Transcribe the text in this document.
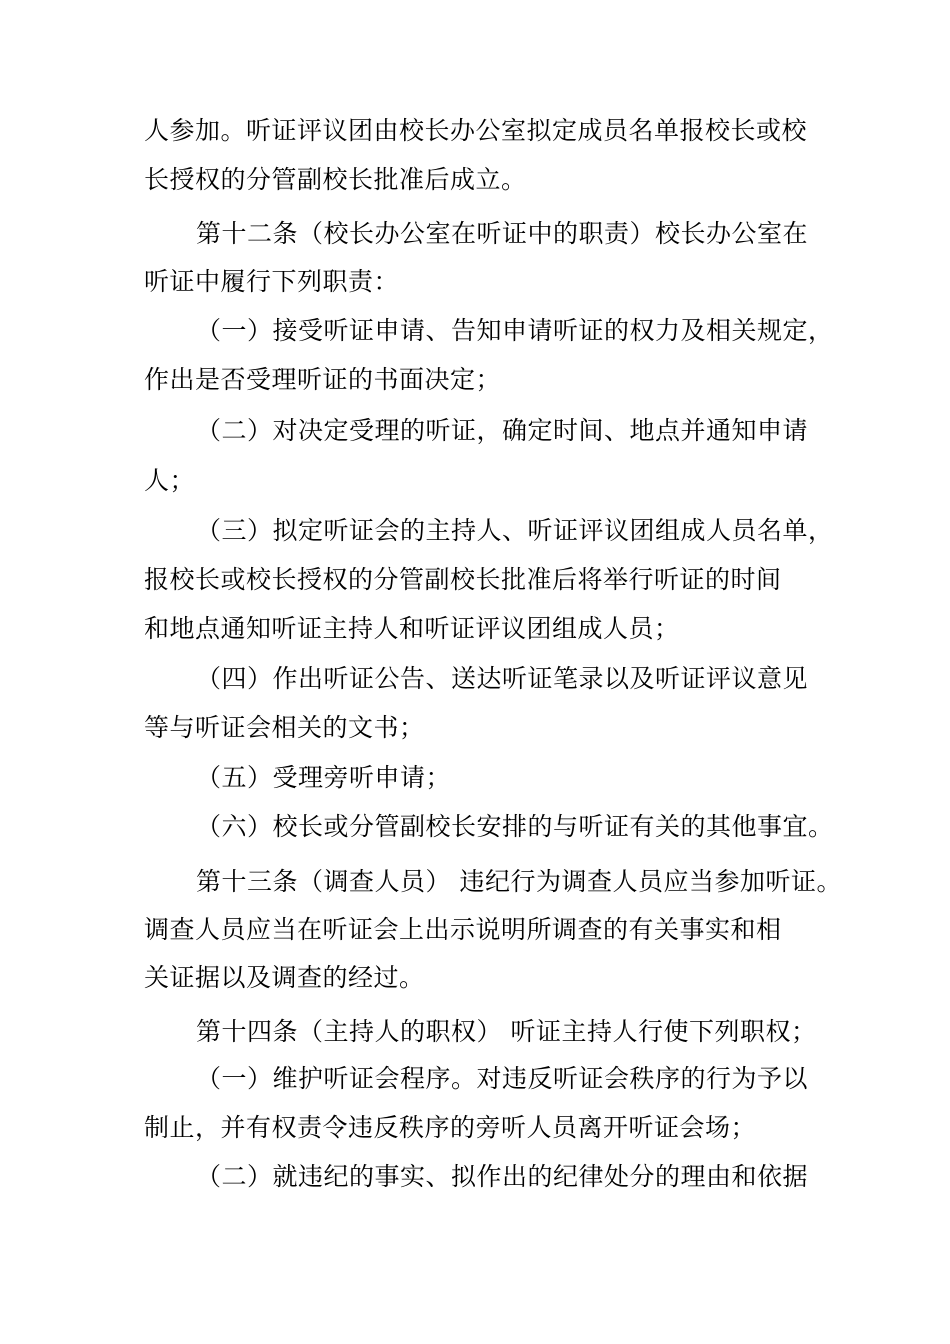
人参加。听证评议团由校长办公室拟定成员名单报校长或校
长授权的分管副校长批准后成立。
第十二条（校长办公室在听证中的职责）校长办公室在
听证中履行下列职责：
（一）接受听证申请、告知申请听证的权力及相关规定，
作出是否受理听证的书面决定；
（二）对决定受理的听证，确定时间、地点并通知申请
人；
（三）拟定听证会的主持人、听证评议团组成人员名单，
报校长或校长授权的分管副校长批准后将举行听证的时间
和地点通知听证主持人和听证评议团组成人员；
（四）作出听证公告、送达听证笔录以及听证评议意见
等与听证会相关的文书；
（五）受理旁听申请；
（六）校长或分管副校长安排的与听证有关的其他事宜。
第十三条（调查人员） 违纪行为调查人员应当参加听证。
调查人员应当在听证会上出示说明所调查的有关事实和相
关证据以及调查的经过。
第十四条（主持人的职权） 听证主持人行使下列职权；
（一）维护听证会程序。对违反听证会秩序的行为予以
制止，并有权责令违反秩序的旁听人员离开听证会场；
（二）就违纪的事实、拟作出的纪律处分的理由和依据
